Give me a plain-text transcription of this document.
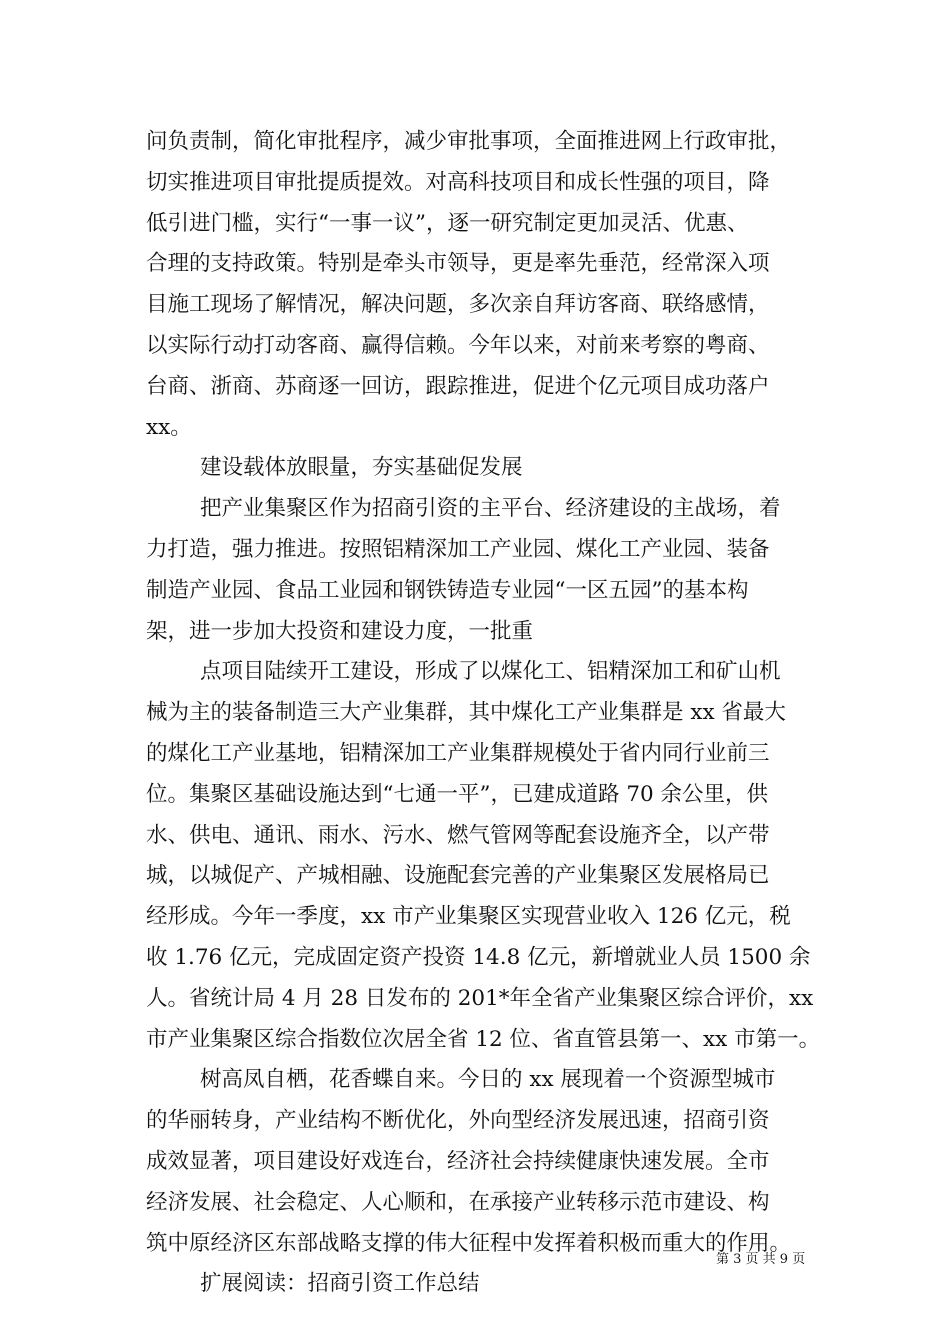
问负责制，简化审批程序，减少审批事项，全面推进网上行政审批，
切实推进项目审批提质提效。对高科技项目和成长性强的项目，降
低引进门槛，实行“一事一议”，逐一研究制定更加灵活、优惠、
合理的支持政策。特别是牵头市领导，更是率先垂范，经常深入项
目施工现场了解情况，解决问题，多次亲自拜访客商、联络感情，
以实际行动打动客商、赢得信赖。今年以来，对前来考察的粤商、
台商、浙商、苏商逐一回访，跟踪推进，促进个亿元项目成功落户
xx。
建设载体放眼量，夯实基础促发展
把产业集聚区作为招商引资的主平台、经济建设的主战场，着
力打造，强力推进。按照铝精深加工产业园、煤化工产业园、装备
制造产业园、食品工业园和钢铁铸造专业园“一区五园”的基本构
架，进一步加大投资和建设力度，一批重
点项目陆续开工建设，形成了以煤化工、铝精深加工和矿山机
械为主的装备制造三大产业集群，其中煤化工产业集群是 xx 省最大
的煤化工产业基地，铝精深加工产业集群规模处于省内同行业前三
位。集聚区基础设施达到“七通一平”，已建成道路 70 余公里，供
水、供电、通讯、雨水、污水、燃气管网等配套设施齐全，以产带
城，以城促产、产城相融、设施配套完善的产业集聚区发展格局已
经形成。今年一季度，xx 市产业集聚区实现营业收入 126 亿元，税
收 1.76 亿元，完成固定资产投资 14.8 亿元，新增就业人员 1500 余
人。省统计局 4 月 28 日发布的 201*年全省产业集聚区综合评价，xx
市产业集聚区综合指数位次居全省 12 位、省直管县第一、xx 市第一。
树高凤自栖，花香蝶自来。今日的 xx 展现着一个资源型城市
的华丽转身，产业结构不断优化，外向型经济发展迅速，招商引资
成效显著，项目建设好戏连台，经济社会持续健康快速发展。全市
经济发展、社会稳定、人心顺和，在承接产业转移示范市建设、构
筑中原经济区东部战略支撑的伟大征程中发挥着积极而重大的作用。
扩展阅读：招商引资工作总结
第 3 页 共 9 页
